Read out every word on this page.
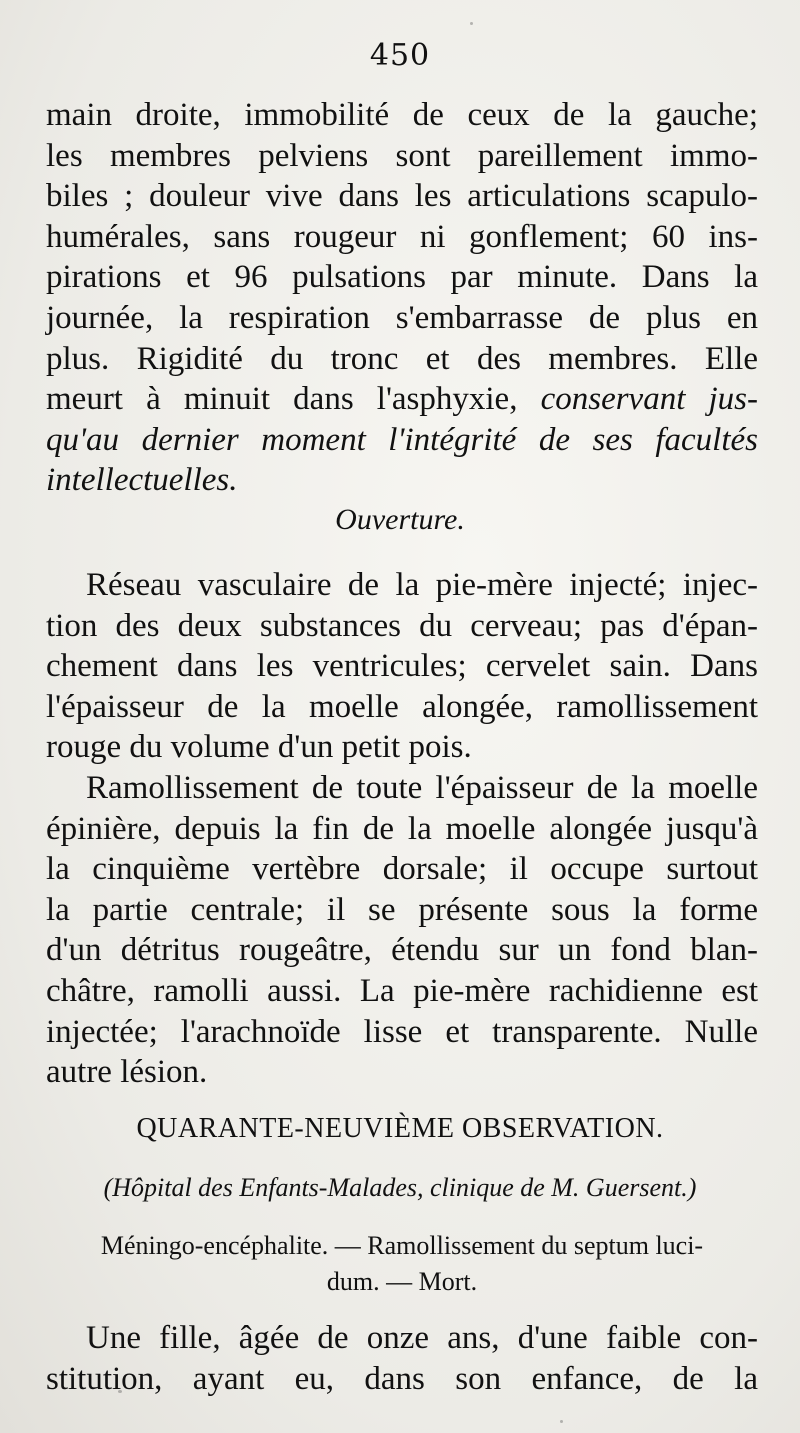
450
main droite, immobilité de ceux de la gauche;
les membres pelviens sont pareillement immo-
biles ; douleur vive dans les articulations scapulo-
humérales, sans rougeur ni gonflement; 60 ins-
pirations et 96 pulsations par minute. Dans la
journée, la respiration s'embarrasse de plus en
plus. Rigidité du tronc et des membres. Elle
meurt à minuit dans l'asphyxie, conservant jus-
qu'au dernier moment l'intégrité de ses facultés
intellectuelles.
Ouverture.
Réseau vasculaire de la pie-mère injecté; injec-
tion des deux substances du cerveau; pas d'épan-
chement dans les ventricules; cervelet sain. Dans
l'épaisseur de la moelle alongée, ramollissement
rouge du volume d'un petit pois.
Ramollissement de toute l'épaisseur de la moelle
épinière, depuis la fin de la moelle alongée jusqu'à
la cinquième vertèbre dorsale; il occupe surtout
la partie centrale; il se présente sous la forme
d'un détritus rougeâtre, étendu sur un fond blan-
châtre, ramolli aussi. La pie-mère rachidienne est
injectée; l'arachnoïde lisse et transparente. Nulle
autre lésion.
QUARANTE-NEUVIÈME OBSERVATION.
(Hôpital des Enfants-Malades, clinique de M. Guersent.)
Méningo-encéphalite. — Ramollissement du septum luci-
dum. — Mort.
Une fille, âgée de onze ans, d'une faible con-
stitution, ayant eu, dans son enfance, de la
